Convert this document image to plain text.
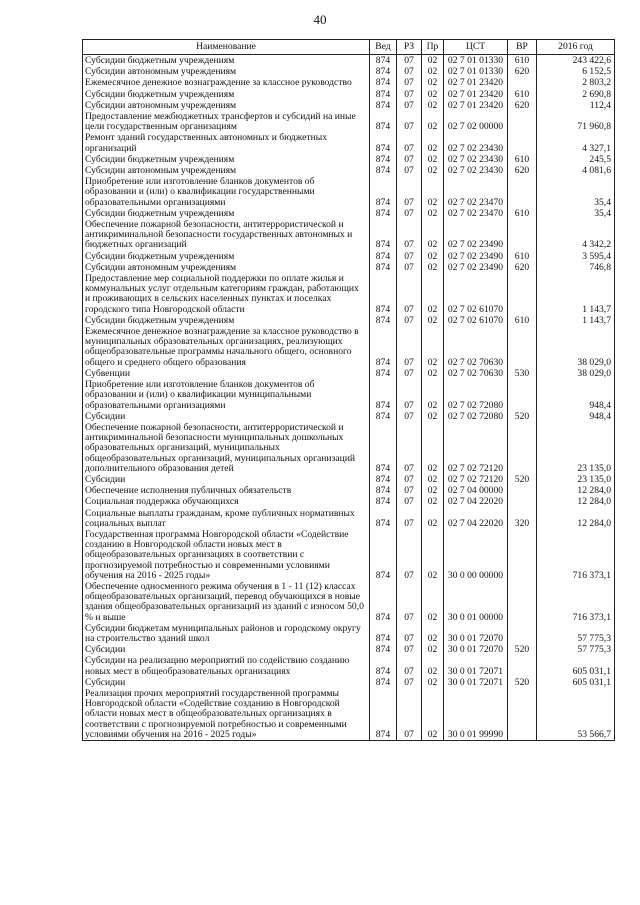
40
Наименование	Вед	РЗ	Пр	ЦСТ	ВР	2016 год
Субсидии бюджетным учреждениям	874	07	02	02 7 01 01330	610	243 422,6
Субсидии автономным учреждениям	874	07	02	02 7 01 01330	620	6 152,5
Ежемесячное денежное вознаграждение за классное руководство	874	07	02	02 7 01 23420		2 803,2
Субсидии бюджетным учреждениям	874	07	02	02 7 01 23420	610	2 690,8
Субсидии автономным учреждениям	874	07	02	02 7 01 23420	620	112,4
Предоставление межбюджетных трансфертов и субсидий на иные цели государственным организациям	874	07	02	02 7 02 00000		71 960,8
Ремонт зданий государственных автономных и бюджетных организаций	874	07	02	02 7 02 23430		4 327,1
Субсидии бюджетным учреждениям	874	07	02	02 7 02 23430	610	245,5
Субсидии автономным учреждениям	874	07	02	02 7 02 23430	620	4 081,6
Приобретение или изготовление бланков документов об образовании и (или) о квалификации государственными образовательными организациями	874	07	02	02 7 02 23470		35,4
Субсидии бюджетным учреждениям	874	07	02	02 7 02 23470	610	35,4
Обеспечение пожарной безопасности, антитеррористической и антикриминальной безопасности государственных автономных и бюджетных организаций	874	07	02	02 7 02 23490		4 342,2
Субсидии бюджетным учреждениям	874	07	02	02 7 02 23490	610	3 595,4
Субсидии автономным учреждениям	874	07	02	02 7 02 23490	620	746,8
Предоставление мер социальной поддержки по оплате жилья и коммунальных услуг отдельным категориям граждан, работающих и проживающих в сельских населенных пунктах и поселках городского типа Новгородской области	874	07	02	02 7 02 61070		1 143,7
Субсидии бюджетным учреждениям	874	07	02	02 7 02 61070	610	1 143,7
Ежемесячное денежное вознаграждение за классное руководство в муниципальных образовательных организациях, реализующих общеобразовательные программы начального общего, основного общего и среднего общего образования	874	07	02	02 7 02 70630		38 029,0
Субвенции	874	07	02	02 7 02 70630	530	38 029,0
Приобретение или изготовление бланков документов об образовании и (или) о квалификации муниципальными образовательными организациями	874	07	02	02 7 02 72080		948,4
Субсидии	874	07	02	02 7 02 72080	520	948,4
Обеспечение пожарной безопасности, антитеррористической и антикриминальной безопасности муниципальных дошкольных образовательных организаций, муниципальных общеобразовательных организаций, муниципальных организаций дополнительного образования детей	874	07	02	02 7 02 72120		23 135,0
Субсидии	874	07	02	02 7 02 72120	520	23 135,0
Обеспечение исполнения публичных обязательств	874	07	02	02 7 04 00000		12 284,0
Социальная поддержка обучающихся	874	07	02	02 7 04 22020		12 284,0
Социальные выплаты гражданам, кроме публичных нормативных социальных выплат	874	07	02	02 7 04 22020	320	12 284,0
Государственная программа Новгородской области «Содействие созданию в Новгородской области новых мест в общеобразовательных организациях в соответствии с прогнозируемой потребностью и современными условиями обучения на 2016 - 2025 годы»	874	07	02	30 0 00 00000		716 373,1
Обеспечение односменного режима обучения в 1 - 11 (12) классах общеобразовательных организаций, перевод обучающихся в новые здания общеобразовательных организаций из зданий с износом 50,0 % и выше	874	07	02	30 0 01 00000		716 373,1
Субсидии бюджетам муниципальных районов и городскому округу на строительство зданий школ	874	07	02	30 0 01 72070		57 775,3
Субсидии	874	07	02	30 0 01 72070	520	57 775,3
Субсидии на реализацию мероприятий по содействию созданию новых мест в общеобразовательных организациях	874	07	02	30 0 01 72071		605 031,1
Субсидии	874	07	02	30 0 01 72071	520	605 031,1
Реализация прочих мероприятий государственной программы Новгородской области «Содействие созданию в Новгородской области новых мест в общеобразовательных организациях в соответствии с прогнозируемой потребностью и современными условиями обучения на 2016 - 2025 годы»	874	07	02	30 0 01 99990		53 566,7
